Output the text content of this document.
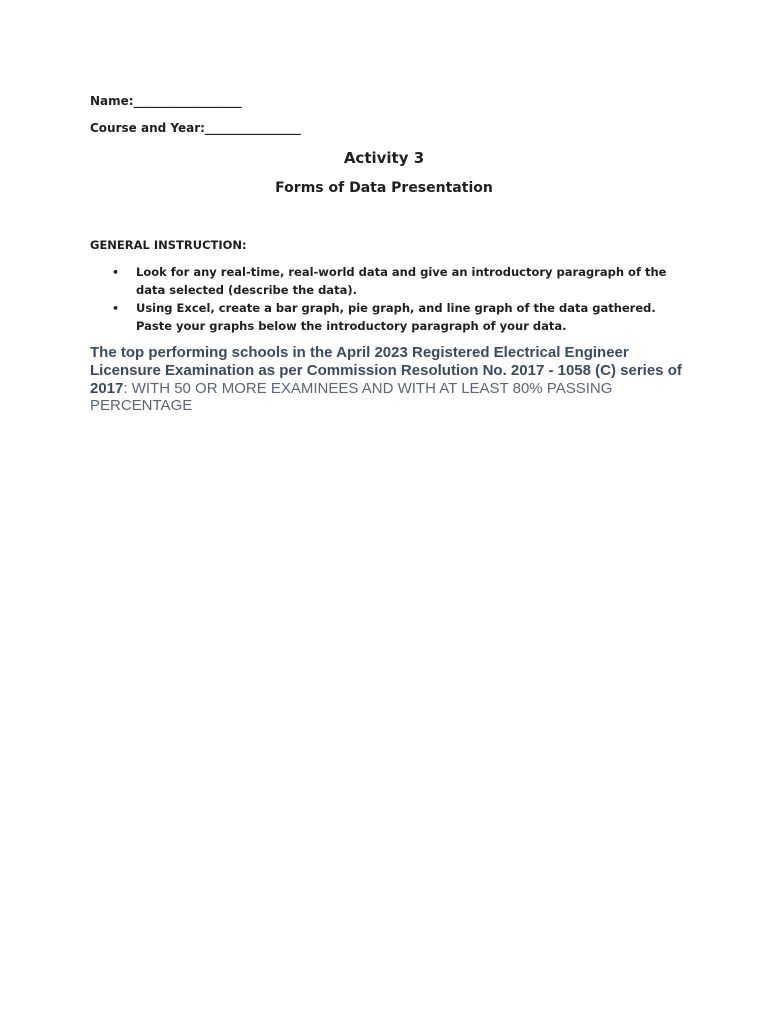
Name:__________________
Course and Year:________________
Activity 3
Forms of Data Presentation
GENERAL INSTRUCTION:
• Look for any real-time, real-world data and give an introductory paragraph of the data selected (describe the data).
• Using Excel, create a bar graph, pie graph, and line graph of the data gathered. Paste your graphs below the introductory paragraph of your data.
The top performing schools in the April 2023 Registered Electrical Engineer Licensure Examination as per Commission Resolution No. 2017 - 1058 (C) series of 2017: WITH 50 OR MORE EXAMINEES AND WITH AT LEAST 80% PASSING PERCENTAGE
